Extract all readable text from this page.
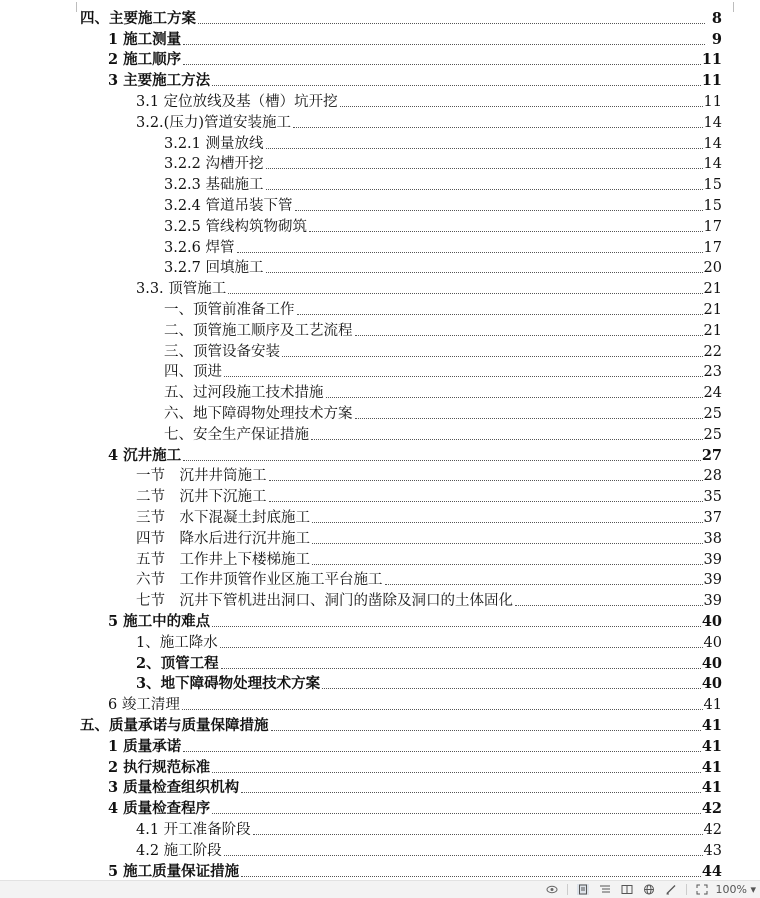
四、主要施工方案	8
1 施工测量	9
2 施工顺序	11
3 主要施工方法	11
3.1 定位放线及基（槽）坑开挖	11
3.2.(压力)管道安装施工	14
3.2.1 测量放线	14
3.2.2 沟槽开挖	14
3.2.3 基础施工	15
3.2.4 管道吊装下管	15
3.2.5 管线构筑物砌筑	17
3.2.6 焊管	17
3.2.7 回填施工	20
3.3. 顶管施工	21
一、顶管前准备工作	21
二、顶管施工顺序及工艺流程	21
三、顶管设备安装	22
四、顶进	23
五、过河段施工技术措施	24
六、地下障碍物处理技术方案	25
七、安全生产保证措施	25
4 沉井施工	27
一节　沉井井筒施工	28
二节　沉井下沉施工	35
三节　水下混凝土封底施工	37
四节　降水后进行沉井施工	38
五节　工作井上下楼梯施工	39
六节　工作井顶管作业区施工平台施工	39
七节　沉井下管机进出洞口、洞门的凿除及洞口的土体固化	39
5 施工中的难点	40
1、施工降水	40
2、顶管工程	40
3、地下障碍物处理技术方案	40
6 竣工清理	41
五、质量承诺与质量保障措施	41
1 质量承诺	41
2 执行规范标准	41
3 质量检查组织机构	41
4 质量检查程序	42
4.1 开工准备阶段	42
4.2 施工阶段	43
5 施工质量保证措施	44
100% ▾
